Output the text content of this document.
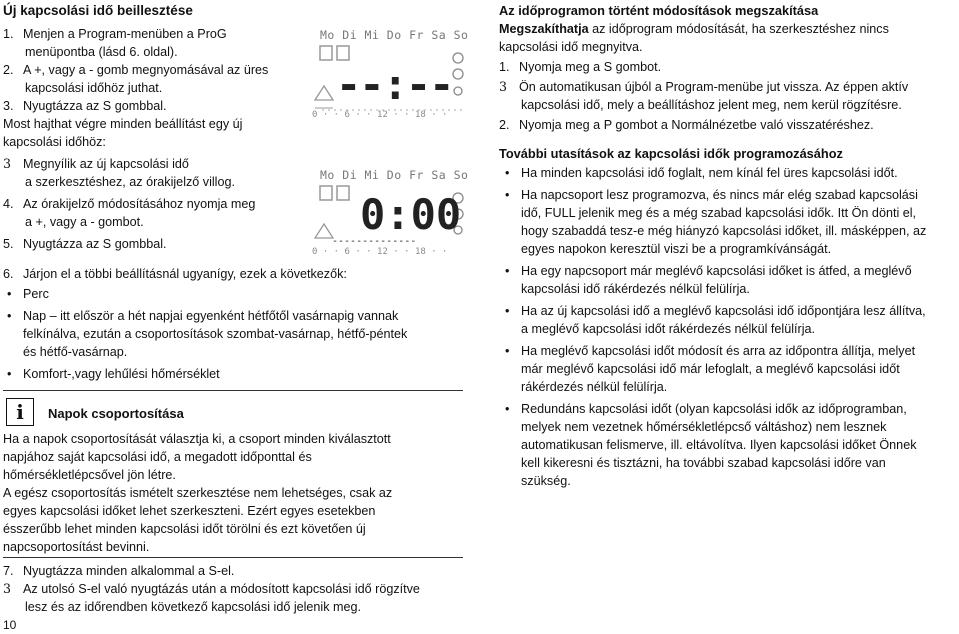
Új kapcsolási idő beillesztése
1. Menjen a Program-menüben a ProG
menüpontba (lásd 6. oldal).
2. A +, vagy a - gomb megnyomásával az üres
kapcsolási időhöz juthat.
3. Nyugtázza az S gombbal.
Most hajthat végre minden beállítást egy új
kapcsolási időhöz:
3 Megnyílik az új kapcsolási idő
a szerkesztéshez, az órakijelző villog.
4. Az órakijelző módosításához nyomja meg
a +, vagy a - gombot.
5. Nyugtázza az S gombbal.
6. Járjon el a többi beállításnál ugyanígy, ezek a következők:
• Perc
• Nap – itt először a hét napjai egyenként hétfőtől vasárnapig vannak
felkínálva, ezután a csoportosítások szombat-vasárnap, hétfő-péntek
és hétfő-vasárnap.
• Komfort-,vagy lehűlési hőmérséklet
i	Napok csoportosítása
Ha a napok csoportosítását választja ki, a csoport minden kiválasztott
napjához saját kapcsolási idő, a megadott időponttal és
hőmérsékletlépcsővel jön létre.
A egész csoportosítás ismételt szerkesztése nem lehetséges, csak az
egyes kapcsolási időket lehet szerkeszteni. Ezért egyes esetekben
ésszerűbb lehet minden kapcsolási időt törölni és ezt követően új
napcsoportosítást bevinni.
7. Nyugtázza minden alkalommal a S-el.
3 Az utolsó S-el való nyugtázás után a módosított kapcsolási idő rögzítve
lesz és az időrendben következő kapcsolási idő jelenik meg.
10
Mo Di Mi Do Fr Sa So
--:--
0 · · 6 · · 12 · · 18 · ·
Mo Di Mi Do Fr Sa So
0:00
--------------
0 · · 6 · · 12 · · 18 · ·
Az időprogramon történt módosítások megszakítása
Megszakíthatja az időprogram módosítását, ha szerkesztéshez nincs
kapcsolási idő megnyitva.
1. Nyomja meg a S gombot.
3 Ön automatikusan újból a Program-menübe jut vissza. Az éppen aktív
kapcsolási idő, mely a beállításhoz jelent meg, nem kerül rögzítésre.
2. Nyomja meg a P gombot a Normálnézetbe való visszatéréshez.
További utasítások az kapcsolási idők programozásához
• Ha minden kapcsolási idő foglalt, nem kínál fel üres kapcsolási időt.
• Ha napcsoport lesz programozva, és nincs már elég szabad kapcsolási
idő, FULL jelenik meg és a még szabad kapcsolási idők. Itt Ön dönti el,
hogy szabaddá tesz-e még hiányzó kapcsolási időket, ill. másképpen, az
egyes napokon keresztül viszi be a programkívánságát.
• Ha egy napcsoport már meglévő kapcsolási időket is átfed, a meglévő
kapcsolási idő rákérdezés nélkül felülírja.
• Ha az új kapcsolási idő a meglévő kapcsolási idő időpontjára lesz állítva,
a meglévő kapcsolási időt rákérdezés nélkül felülírja.
• Ha meglévő kapcsolási időt módosít és arra az időpontra állítja, melyet
már meglévő kapcsolási idő már lefoglalt, a meglévő kapcsolási időt
rákérdezés nélkül felülírja.
• Redundáns kapcsolási időt (olyan kapcsolási idők az időprogramban,
melyek nem vezetnek hőmérsékletlépcső váltáshoz) nem lesznek
automatikusan felismerve, ill. eltávolítva. Ilyen kapcsolási időket Önnek
kell kikeresni és tisztázni, ha további szabad kapcsolási időre van
szükség.
